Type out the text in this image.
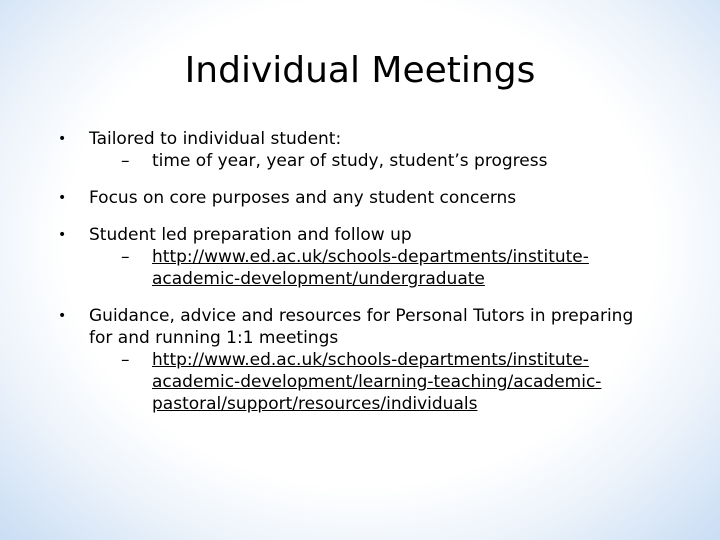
Individual Meetings
• Tailored to individual student:
– time of year, year of study, student’s progress
• Focus on core purposes and any student concerns
• Student led preparation and follow up
– http://www.ed.ac.uk/schools-departments/institute-academic-development/undergraduate
• Guidance, advice and resources for Personal Tutors in preparing for and running 1:1 meetings
– http://www.ed.ac.uk/schools-departments/institute-academic-development/learning-teaching/academic-pastoral/support/resources/individuals
